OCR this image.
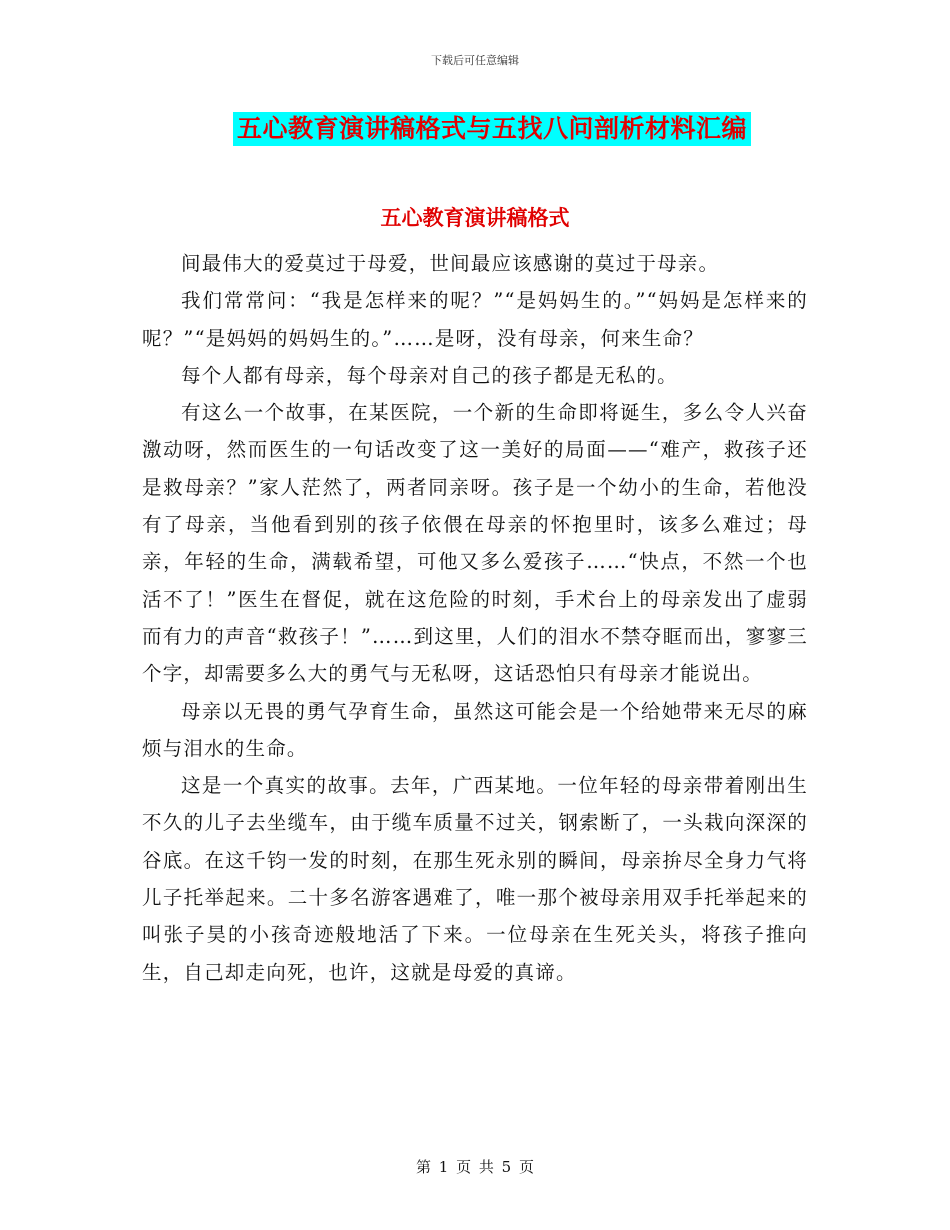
下载后可任意编辑
五心教育演讲稿格式与五找八问剖析材料汇编
五心教育演讲稿格式

间最伟大的爱莫过于母爱，世间最应该感谢的莫过于母亲。

我们常常问：“我是怎样来的呢？”“是妈妈生的。”“妈妈是怎样来的呢？”“是妈妈的妈妈生的。”……是呀，没有母亲，何来生命？

每个人都有母亲，每个母亲对自己的孩子都是无私的。

有这么一个故事，在某医院，一个新的生命即将诞生，多么令人兴奋激动呀，然而医生的一句话改变了这一美好的局面——“难产，救孩子还是救母亲？”家人茫然了，两者同亲呀。孩子是一个幼小的生命，若他没有了母亲，当他看到别的孩子依偎在母亲的怀抱里时，该多么难过；母亲，年轻的生命，满载希望，可他又多么爱孩子……“快点，不然一个也活不了！”医生在督促，就在这危险的时刻，手术台上的母亲发出了虚弱而有力的声音“救孩子！”……到这里，人们的泪水不禁夺眶而出，寥寥三个字，却需要多么大的勇气与无私呀，这话恐怕只有母亲才能说出。

母亲以无畏的勇气孕育生命，虽然这可能会是一个给她带来无尽的麻烦与泪水的生命。

这是一个真实的故事。去年，广西某地。一位年轻的母亲带着刚出生不久的儿子去坐缆车，由于缆车质量不过关，钢索断了，一头栽向深深的谷底。在这千钧一发的时刻，在那生死永别的瞬间，母亲拚尽全身力气将儿子托举起来。二十多名游客遇难了，唯一那个被母亲用双手托举起来的叫张子昊的小孩奇迹般地活了下来。一位母亲在生死关头，将孩子推向生，自己却走向死，也许，这就是母爱的真谛。

第 1 页 共 5 页
